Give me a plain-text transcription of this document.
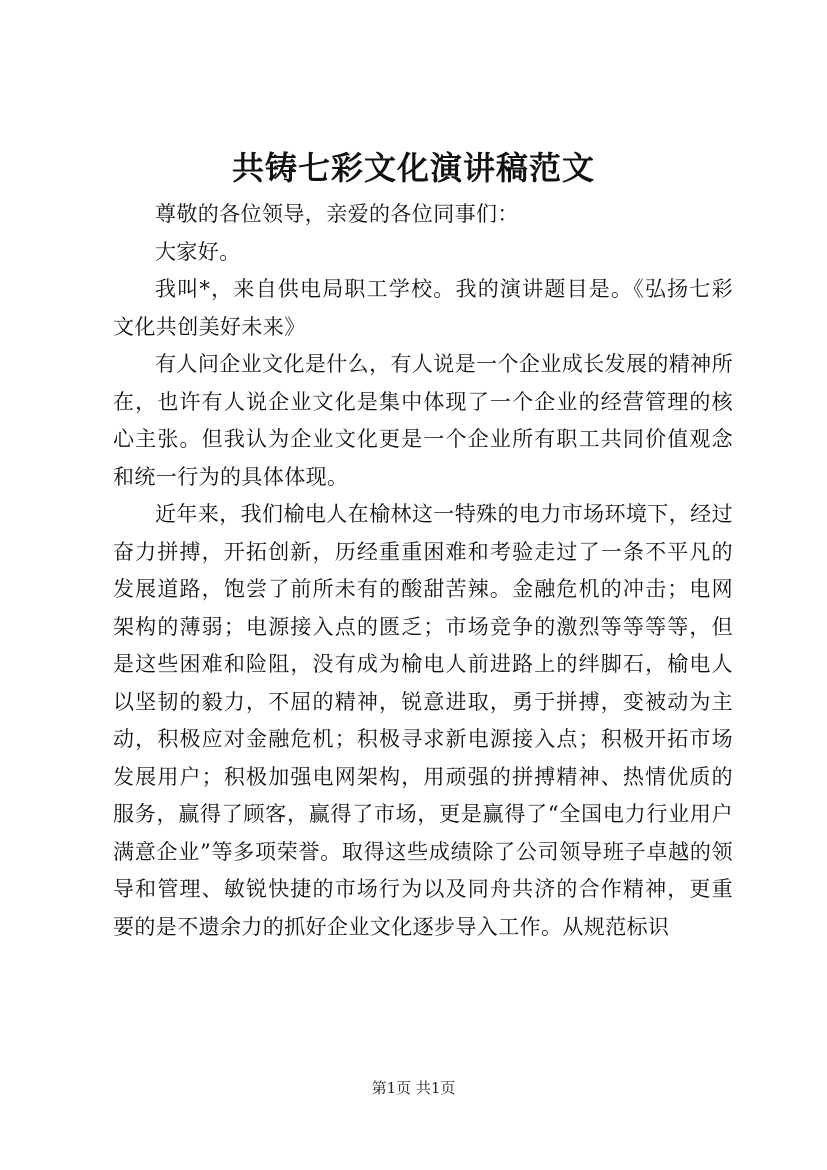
共铸七彩文化演讲稿范文

尊敬的各位领导，亲爱的各位同事们：

大家好。

我叫*，来自供电局职工学校。我的演讲题目是。《弘扬七彩文化共创美好未来》

有人问企业文化是什么，有人说是一个企业成长发展的精神所在，也许有人说企业文化是集中体现了一个企业的经营管理的核心主张。但我认为企业文化更是一个企业所有职工共同价值观念和统一行为的具体体现。

近年来，我们榆电人在榆林这一特殊的电力市场环境下，经过奋力拼搏，开拓创新，历经重重困难和考验走过了一条不平凡的发展道路，饱尝了前所未有的酸甜苦辣。金融危机的冲击；电网架构的薄弱；电源接入点的匮乏；市场竞争的激烈等等等等，但是这些困难和险阻，没有成为榆电人前进路上的绊脚石，榆电人以坚韧的毅力，不屈的精神，锐意进取，勇于拼搏，变被动为主动，积极应对金融危机；积极寻求新电源接入点；积极开拓市场发展用户；积极加强电网架构，用顽强的拼搏精神、热情优质的服务，赢得了顾客，赢得了市场，更是赢得了“全国电力行业用户满意企业”等多项荣誉。取得这些成绩除了公司领导班子卓越的领导和管理、敏锐快捷的市场行为以及同舟共济的合作精神，更重要的是不遗余力的抓好企业文化逐步导入工作。从规范标识

第1页 共1页
